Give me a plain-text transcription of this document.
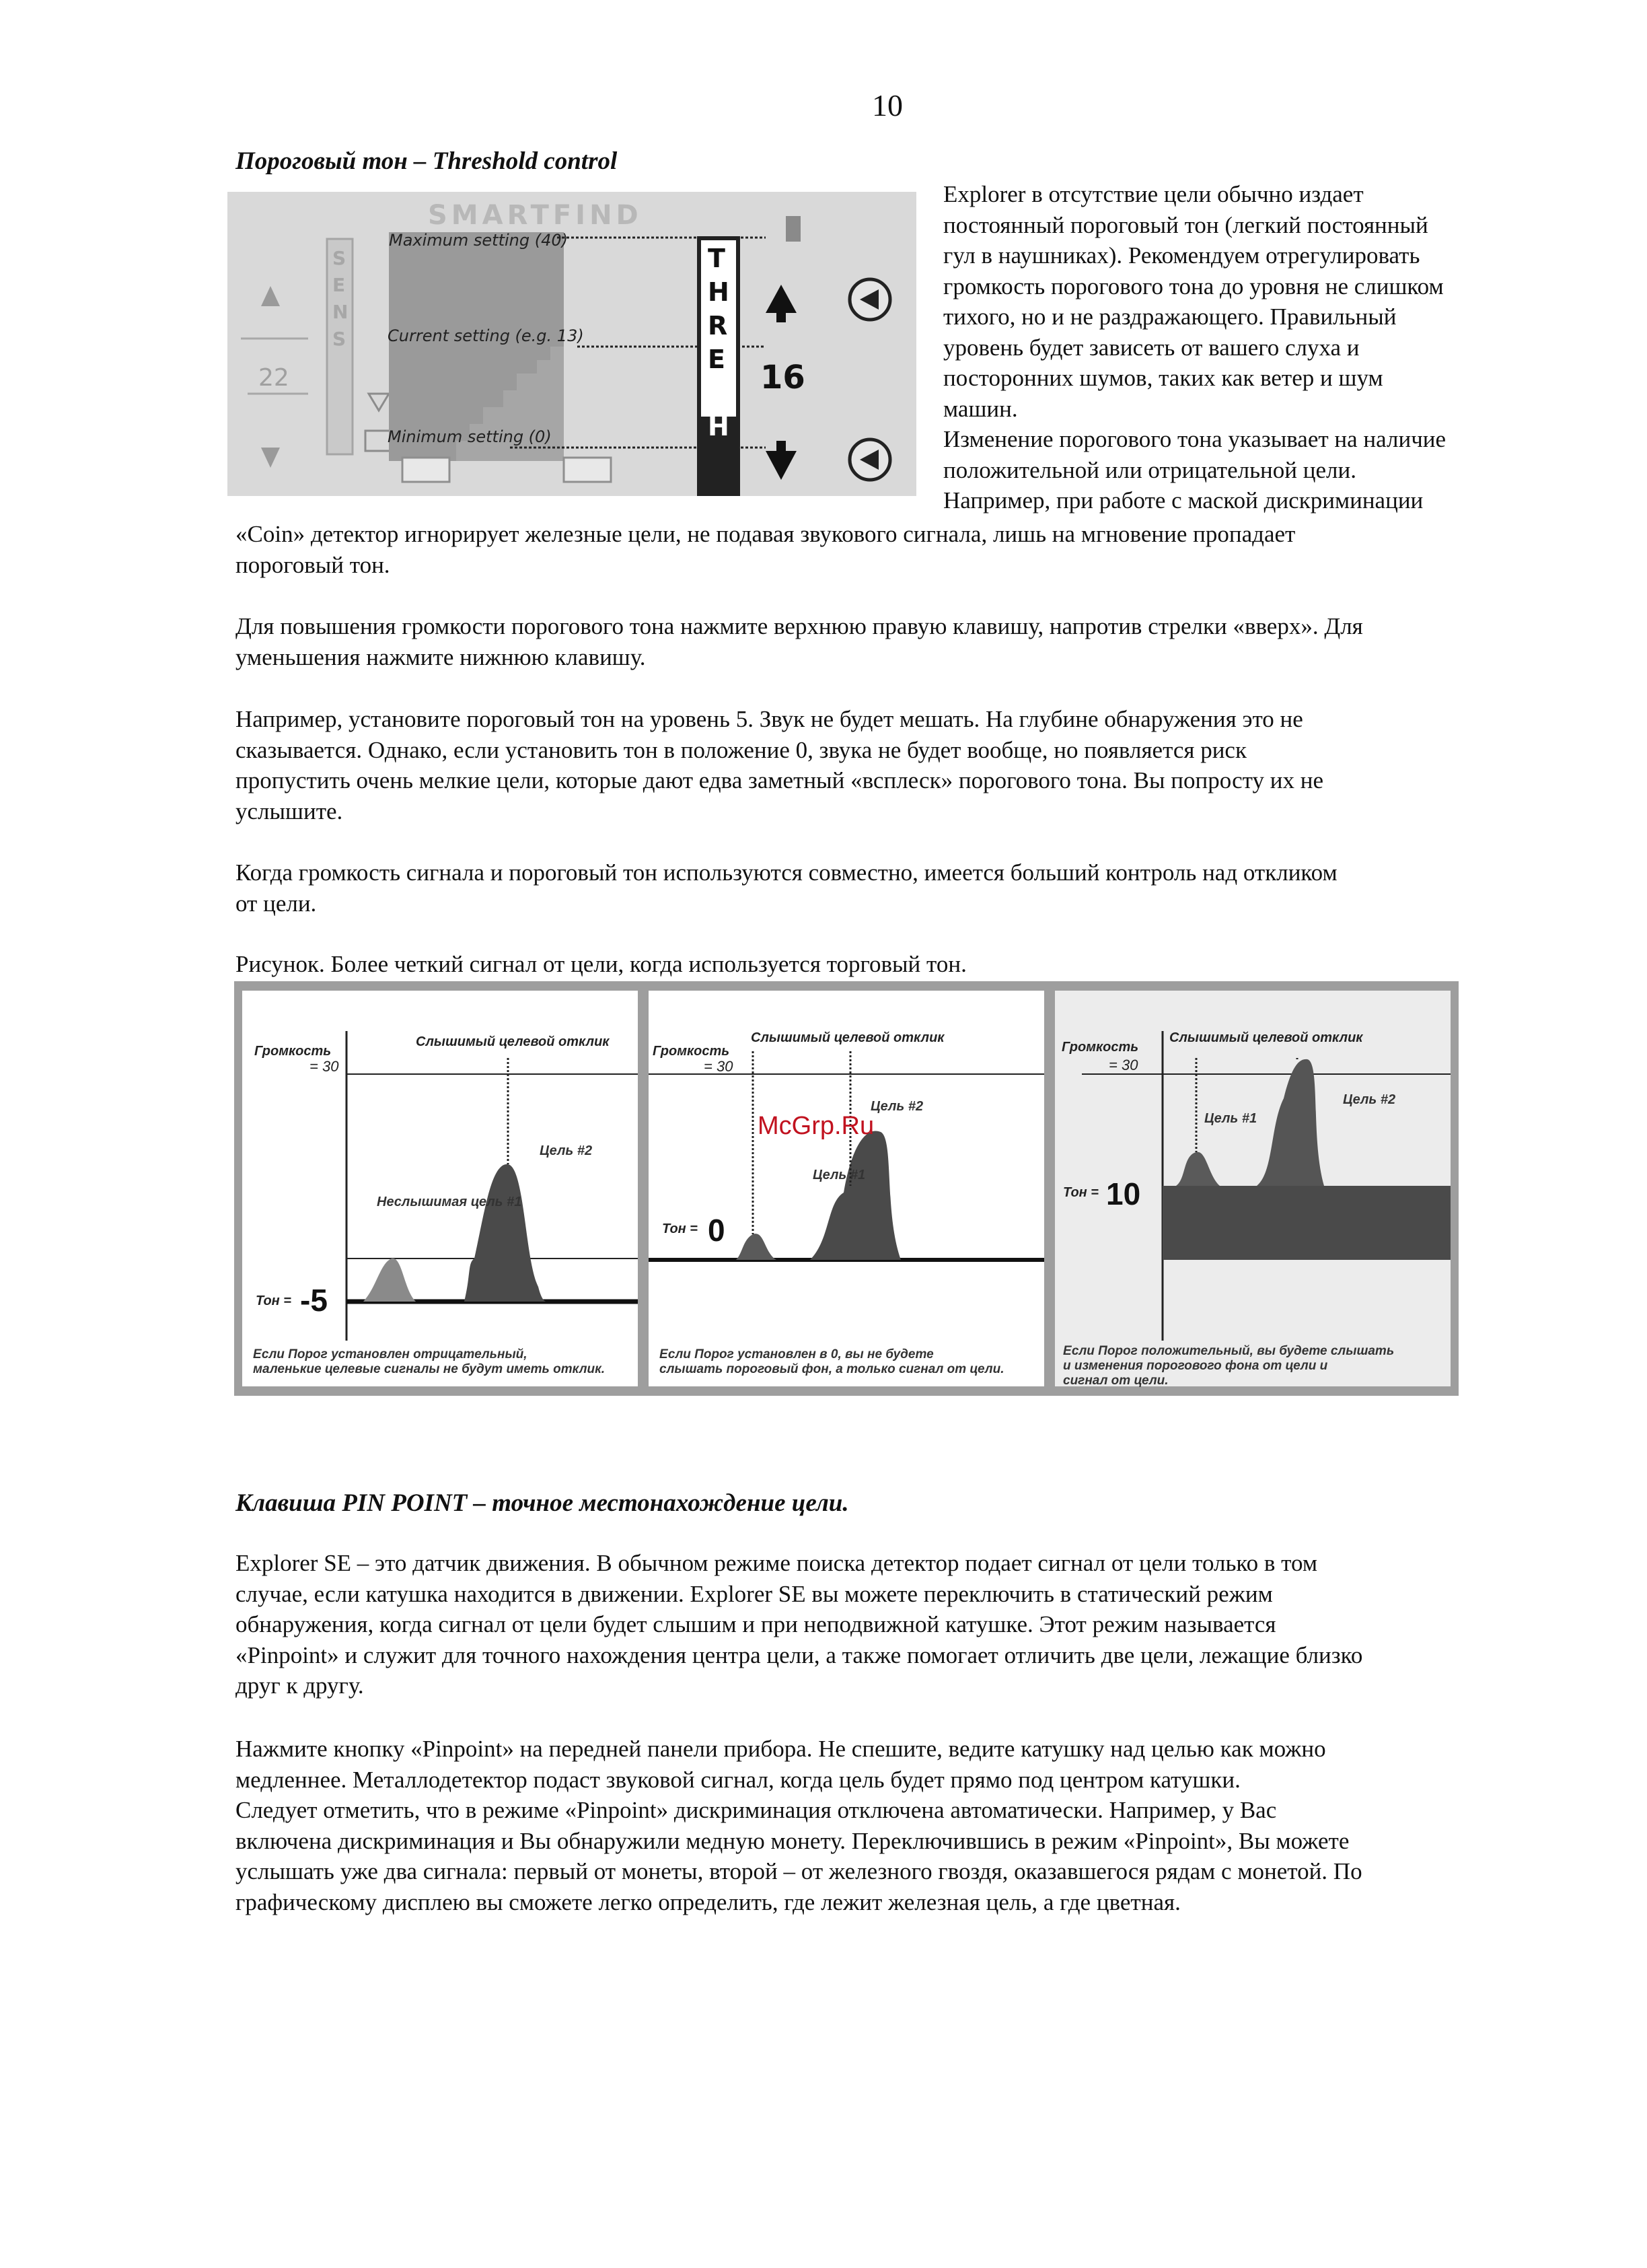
10
Пороговый тон – Threshold control
SMARTFIND
22
S
E
N
S
Maximum setting (40)
Current setting (e.g. 13)
Minimum setting (0)
T
H
R
E
S
H
16
Explorer в отсутствие цели обычно издает
постоянный пороговый тон (легкий постоянный
гул в наушниках). Рекомендуем отрегулировать
громкость порогового тона до уровня не слишком
тихого, но и не раздражающего. Правильный
уровень будет зависеть от вашего слуха и
посторонних шумов, таких как ветер и шум
машин.
Изменение порогового тона указывает на наличие
положительной или отрицательной цели.
Например, при работе с маской дискриминации
«Coin» детектор игнорирует железные цели, не подавая звукового сигнала, лишь на мгновение пропадает
пороговый тон.
Для повышения громкости порогового тона нажмите верхнюю правую клавишу, напротив стрелки «вверх». Для
уменьшения нажмите нижнюю клавишу.
Например, установите пороговый тон на уровень 5. Звук не будет мешать. На глубине обнаружения это не
сказывается. Однако, если установить тон в положение 0, звука не будет вообще, но появляется риск
пропустить очень мелкие цели, которые дают едва заметный «всплеск» порогового тона. Вы попросту их не
услышите.
Когда громкость сигнала и пороговый тон используются совместно, имеется больший контроль над откликом
от цели.
Рисунок. Более четкий сигнал от цели, когда используется торговый тон.
Громкость
= 30
Слышимый целевой отклик
Неслышимая цель #1
Цель #2
Тон = -5
Если Порог установлен отрицательный,
маленькие целевые сигналы не будут иметь отклик.
Громкость
= 30
Слышимый целевой отклик
Цель #1
Цель #2
Тон = 0
Если Порог установлен в 0, вы не будете
слышать пороговый фон, а только сигнал от цели.
Громкость
= 30
Слышимый целевой отклик
Цель #1
Цель #2
Тон = 10
Если Порог положительный, вы будете слышать
и изменения порогового фона от цели и
сигнал от цели.
McGrp.Ru
Клавиша PIN POINT – точное местонахождение цели.
Explorer SE – это датчик движения. В обычном режиме поиска детектор подает сигнал от цели только в том
случае, если катушка находится в движении. Explorer SE вы можете переключить в статический режим
обнаружения, когда сигнал от цели будет слышим и при неподвижной катушке. Этот режим называется
«Pinpoint» и служит для точного нахождения центра цели, а также помогает отличить две цели, лежащие близко
друг к другу.
Нажмите кнопку «Pinpoint» на передней панели прибора. Не спешите, ведите катушку над целью как можно
медленнее. Металлодетектор подаст звуковой сигнал, когда цель будет прямо под центром катушки.
Следует отметить, что в режиме «Pinpoint» дискриминация отключена автоматически. Например, у Вас
включена дискриминация и Вы обнаружили медную монету. Переключившись в режим «Pinpoint», Вы можете
услышать уже два сигнала: первый от монеты, второй – от железного гвоздя, оказавшегося рядам с монетой. По
графическому дисплею вы сможете легко определить, где лежит железная цель, а где цветная.
